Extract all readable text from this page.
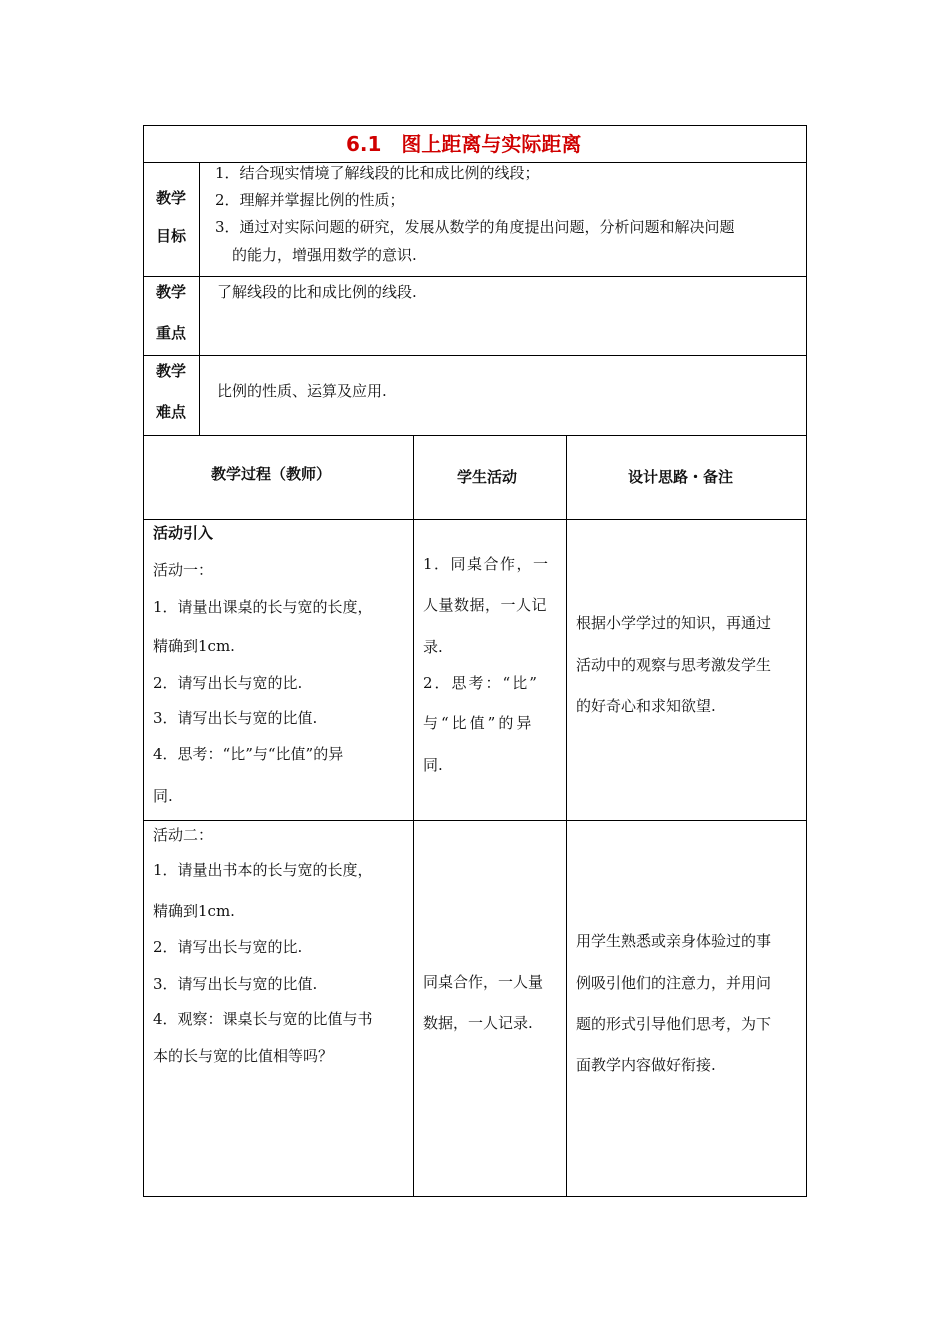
6.1　图上距离与实际距离
教学
目标
1．结合现实情境了解线段的比和成比例的线段；
2．理解并掌握比例的性质；
3．通过对实际问题的研究，发展从数学的角度提出问题，分析问题和解决问题
的能力，增强用数学的意识.
教学
重点
了解线段的比和成比例的线段.
教学
难点
比例的性质、运算及应用.
教学过程（教师）	学生活动	设计思路・备注
活动引入
活动一：
1．请量出课桌的长与宽的长度，
精确到1cm.
2．请写出长与宽的比.
3．请写出长与宽的比值.
4．思考：“比”与“比值”的异
同.
1．同桌合作，一
人量数据，一人记
录.
2．思考：“比”
与“比值”的异
同.
根据小学学过的知识，再通过
活动中的观察与思考激发学生
的好奇心和求知欲望.
活动二：
1．请量出书本的长与宽的长度，
精确到1cm.
2．请写出长与宽的比.
3．请写出长与宽的比值.
4．观察：课桌长与宽的比值与书
本的长与宽的比值相等吗？
同桌合作，一人量
数据，一人记录.
用学生熟悉或亲身体验过的事
例吸引他们的注意力，并用问
题的形式引导他们思考，为下
面教学内容做好衔接.
